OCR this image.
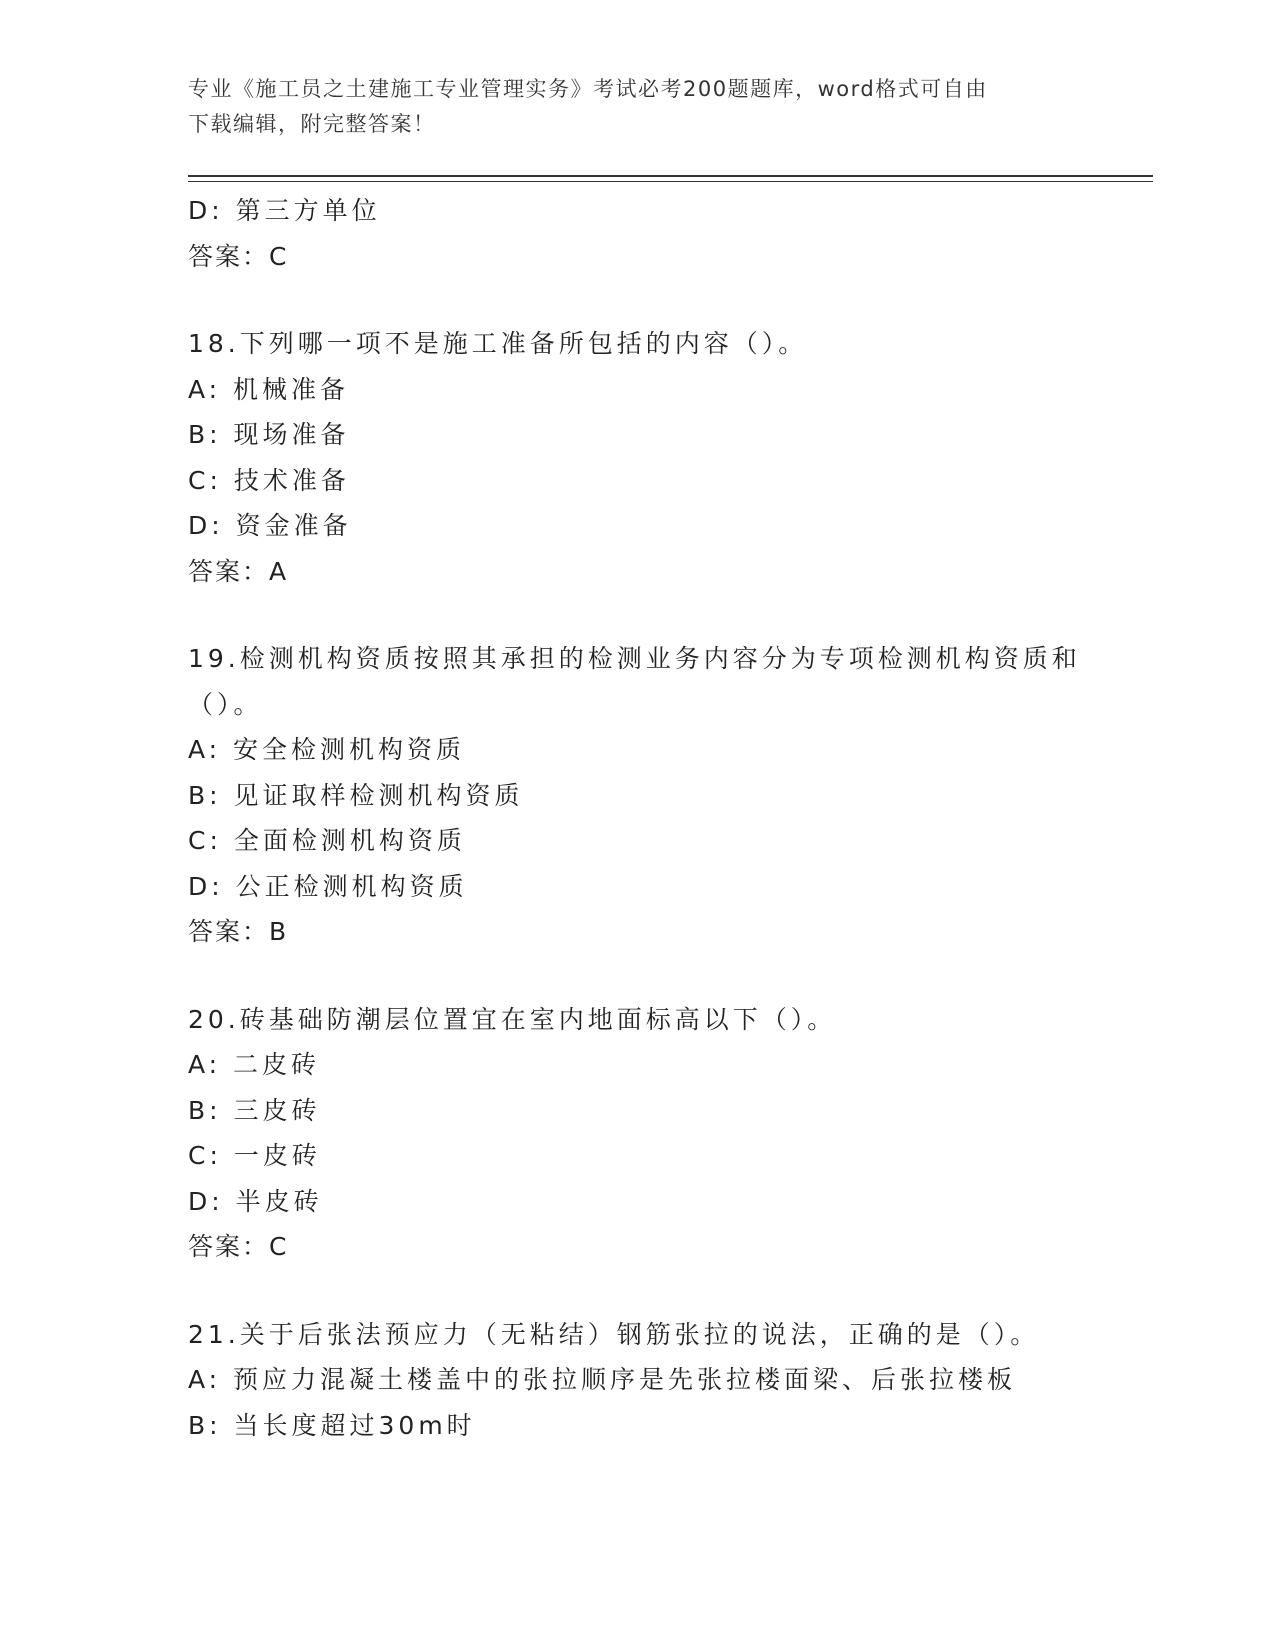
专业《施工员之土建施工专业管理实务》考试必考200题题库，word格式可自由
下载编辑，附完整答案！
D: 第三方单位
答案：C
18.下列哪一项不是施工准备所包括的内容（）。
A: 机械准备
B: 现场准备
C: 技术准备
D: 资金准备
答案：A
19.检测机构资质按照其承担的检测业务内容分为专项检测机构资质和
（）。
A: 安全检测机构资质
B: 见证取样检测机构资质
C: 全面检测机构资质
D: 公正检测机构资质
答案：B
20.砖基础防潮层位置宜在室内地面标高以下（）。
A: 二皮砖
B: 三皮砖
C: 一皮砖
D: 半皮砖
答案：C
21.关于后张法预应力（无粘结）钢筋张拉的说法，正确的是（）。
A: 预应力混凝土楼盖中的张拉顺序是先张拉楼面梁、后张拉楼板
B: 当长度超过30m时
